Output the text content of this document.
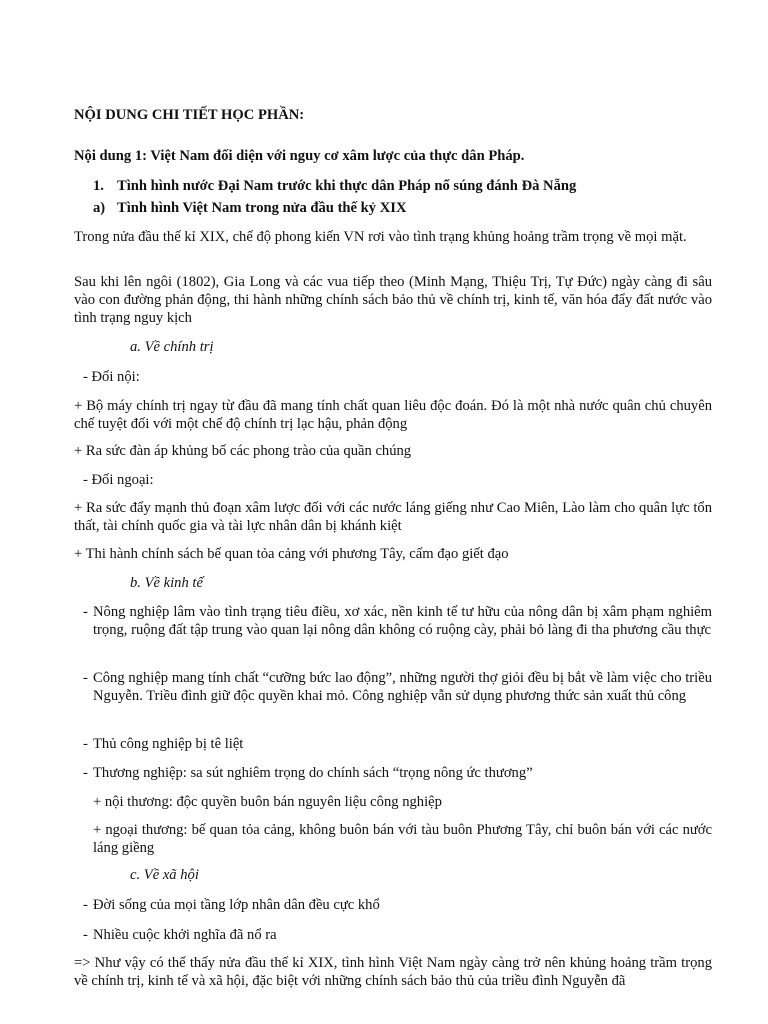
NỘI DUNG CHI TIẾT HỌC PHẦN:
Nội dung 1: Việt Nam đối diện với nguy cơ xâm lược của thực dân Pháp.
1. Tình hình nước Đại Nam trước khi thực dân Pháp nổ súng đánh Đà Nẵng
a) Tình hình Việt Nam trong nửa đầu thế kỷ XIX
Trong nửa đầu thế kỉ XIX, chế độ phong kiến VN rơi vào tình trạng khủng hoảng trầm trọng về mọi mặt.
Sau khi lên ngôi (1802), Gia Long và các vua tiếp theo (Minh Mạng, Thiệu Trị, Tự Đức) ngày càng đi sâu vào con đường phản động, thi hành những chính sách bảo thủ về chính trị, kinh tế, văn hóa đẩy đất nước vào tình trạng nguy kịch
a. Về chính trị
- Đối nội:
+ Bộ máy chính trị ngay từ đầu đã mang tính chất quan liêu độc đoán. Đó là một nhà nước quân chủ chuyên chế tuyệt đối với một chế độ chính trị lạc hậu, phản động
+ Ra sức đàn áp khủng bố các phong trào của quần chúng
- Đối ngoại:
+ Ra sức đẩy mạnh thủ đoạn xâm lược đối với các nước láng giếng như Cao Miên, Lào làm cho quân lực tổn thất, tài chính quốc gia và tài lực nhân dân bị khánh kiệt
+ Thi hành chính sách bế quan tỏa cảng với phương Tây, cấm đạo giết đạo
b. Về kinh tế
- Nông nghiệp lâm vào tình trạng tiêu điều, xơ xác, nền kinh tế tư hữu của nông dân bị xâm phạm nghiêm trọng, ruộng đất tập trung vào quan lại nông dân không có ruộng cày, phải bỏ làng đi tha phương cầu thực
- Công nghiệp mang tính chất “cưỡng bức lao động”, những người thợ giỏi đều bị bắt về làm việc cho triều Nguyễn. Triều đình giữ độc quyền khai mỏ. Công nghiệp vẫn sử dụng phương thức sản xuất thủ công
- Thủ công nghiệp bị tê liệt
- Thương nghiệp: sa sút nghiêm trọng do chính sách “trọng nông ức thương”
+ nội thương: độc quyền buôn bán nguyên liệu công nghiệp
+ ngoại thương: bế quan tỏa cảng, không buôn bán với tàu buôn Phương Tây, chỉ buôn bán với các nước láng giềng
c. Về xã hội
- Đời sống của mọi tầng lớp nhân dân đều cực khổ
- Nhiều cuộc khởi nghĩa đã nổ ra
=> Như vậy có thể thấy nửa đầu thế kỉ XIX, tình hình Việt Nam ngày càng trở nên khủng hoảng trầm trọng về chính trị, kinh tế và xã hội, đặc biệt với những chính sách bảo thủ của triều đình Nguyễn đã
